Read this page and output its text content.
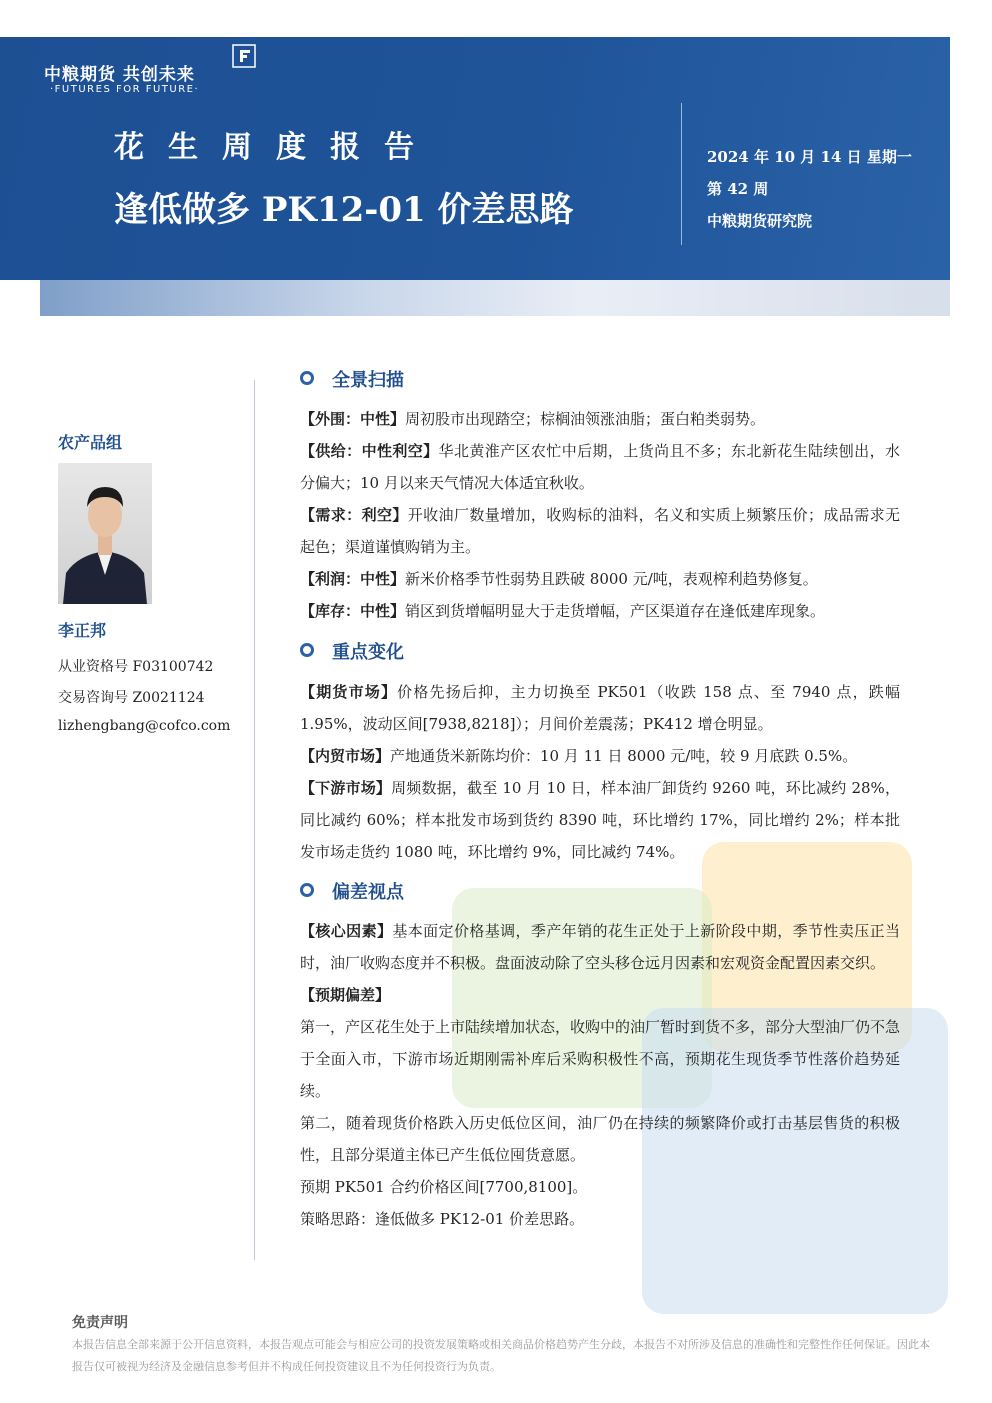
中粮期货 共创未来
·FUTURES FOR FUTURE·
花生周度报告
逢低做多 PK12-01 价差思路
2024 年 10 月 14 日 星期一
第 42 周
中粮期货研究院
农产品组
李正邦
从业资格号 F03100742
交易咨询号 Z0021124
lizhengbang@cofco.com
全景扫描
【外围：中性】周初股市出现踏空；棕榈油领涨油脂；蛋白粕类弱势。
【供给：中性利空】华北黄淮产区农忙中后期，上货尚且不多；东北新花生陆续刨出，水分偏大；10 月以来天气情况大体适宜秋收。
【需求：利空】开收油厂数量增加，收购标的油料，名义和实质上频繁压价；成品需求无起色；渠道谨慎购销为主。
【利润：中性】新米价格季节性弱势且跌破 8000 元/吨，表观榨利趋势修复。
【库存：中性】销区到货增幅明显大于走货增幅，产区渠道存在逢低建库现象。
重点变化
【期货市场】价格先扬后抑，主力切换至 PK501（收跌 158 点、至 7940 点，跌幅 1.95%，波动区间[7938,8218]）；月间价差震荡；PK412 增仓明显。
【内贸市场】产地通货米新陈均价：10 月 11 日 8000 元/吨，较 9 月底跌 0.5%。
【下游市场】周频数据，截至 10 月 10 日，样本油厂卸货约 9260 吨，环比减约 28%，同比减约 60%；样本批发市场到货约 8390 吨，环比增约 17%，同比增约 2%；样本批发市场走货约 1080 吨，环比增约 9%，同比减约 74%。
偏差视点
【核心因素】基本面定价格基调，季产年销的花生正处于上新阶段中期，季节性卖压正当时，油厂收购态度并不积极。盘面波动除了空头移仓远月因素和宏观资金配置因素交织。
【预期偏差】
第一，产区花生处于上市陆续增加状态，收购中的油厂暂时到货不多，部分大型油厂仍不急于全面入市，下游市场近期刚需补库后采购积极性不高，预期花生现货季节性落价趋势延续。
第二，随着现货价格跌入历史低位区间，油厂仍在持续的频繁降价或打击基层售货的积极性，且部分渠道主体已产生低位囤货意愿。
预期 PK501 合约价格区间[7700,8100]。
策略思路：逢低做多 PK12-01 价差思路。
免责声明
本报告信息全部来源于公开信息资料，本报告观点可能会与相应公司的投资发展策略或相关商品价格趋势产生分歧，本报告不对所涉及信息的准确性和完整性作任何保证。因此本报告仅可被视为经济及金融信息参考但并不构成任何投资建议且不为任何投资行为负责。
